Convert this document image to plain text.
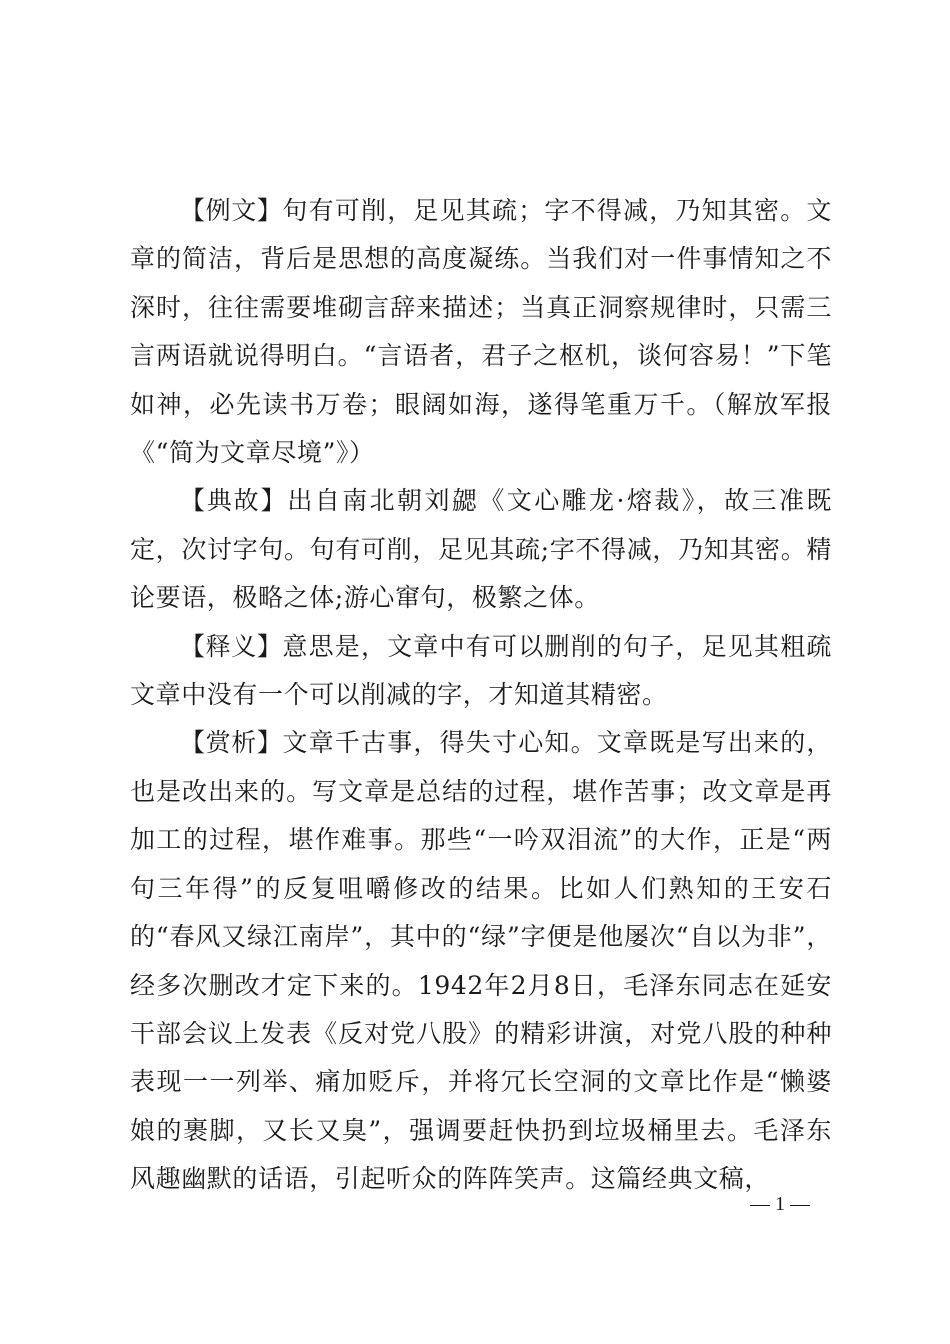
【例文】句有可削，足见其疏；字不得减，乃知其密。文章的简洁，背后是思想的高度凝练。当我们对一件事情知之不深时，往往需要堆砌言辞来描述；当真正洞察规律时，只需三言两语就说得明白。“言语者，君子之枢机，谈何容易！”下笔如神，必先读书万卷；眼阔如海，遂得笔重万千。（解放军报《“简为文章尽境”》）

【典故】出自南北朝刘勰《文心雕龙·熔裁》，故三准既定，次讨字句。句有可削，足见其疏;字不得减，乃知其密。精论要语，极略之体;游心窜句，极繁之体。

【释义】意思是，文章中有可以删削的句子，足见其粗疏文章中没有一个可以削减的字，才知道其精密。

【赏析】文章千古事，得失寸心知。文章既是写出来的，也是改出来的。写文章是总结的过程，堪作苦事；改文章是再加工的过程，堪作难事。那些“一吟双泪流”的大作，正是“两句三年得”的反复咀嚼修改的结果。比如人们熟知的王安石的“春风又绿江南岸”，其中的“绿”字便是他屡次“自以为非”，经多次删改才定下来的。1942年2月8日，毛泽东同志在延安干部会议上发表《反对党八股》的精彩讲演，对党八股的种种表现一一列举、痛加贬斥，并将冗长空洞的文章比作是“懒婆娘的裹脚，又长又臭”，强调要赶快扔到垃圾桶里去。毛泽东风趣幽默的话语，引起听众的阵阵笑声。这篇经典文稿，

— 1 —
